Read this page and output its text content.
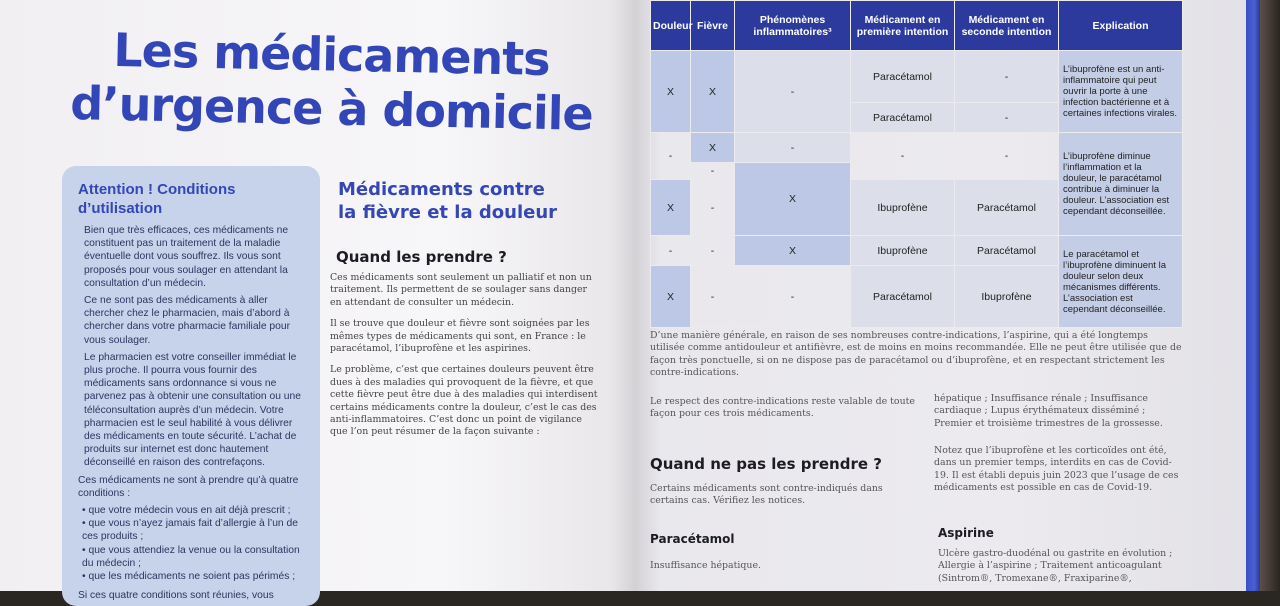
Les médicaments
d’urgence à domicile
Attention ! Conditions d’utilisation

Bien que très efficaces, ces médicaments ne constituent pas un traitement de la maladie éventuelle dont vous souffrez. Ils vous sont proposés pour vous soulager en attendant la consultation d’un médecin.

Ce ne sont pas des médicaments à aller chercher chez le pharmacien, mais d’abord à chercher dans votre pharmacie familiale pour vous soulager.

Le pharmacien est votre conseiller immédiat le plus proche. Il pourra vous fournir des médicaments sans ordonnance si vous ne parvenez pas à obtenir une consultation ou une téléconsultation auprès d’un médecin. Votre pharmacien est le seul habilité à vous délivrer des médicaments en toute sécurité. L’achat de produits sur internet est donc hautement déconseillé en raison des contrefaçons.

Ces médicaments ne sont à prendre qu’à quatre conditions :

• que votre médecin vous en ait déjà prescrit ;
• que vous n’ayez jamais fait d’allergie à l’un de ces produits ;
• que vous attendiez la venue ou la consultation du médecin ;
• que les médicaments ne soient pas périmés ;

Si ces quatre conditions sont réunies, vous

Médicaments contre
la fièvre et la douleur
Quand les prendre ?

Ces médicaments sont seulement un palliatif et non un traitement. Ils permettent de se soulager sans danger en attendant de consulter un médecin.

Il se trouve que douleur et fièvre sont soignées par les mêmes types de médicaments qui sont, en France : le paracétamol, l’ibuprofène et les aspirines.

Le problème, c’est que certaines douleurs peuvent être dues à des maladies qui provoquent de la fièvre, et que cette fièvre peut être due à des maladies qui interdisent certains médicaments contre la douleur, c’est le cas des anti-inflammatoires. C’est donc un point de vigilance que l’on peut résumer de la façon suivante :

Douleur	Fièvre	Phénomènes inflammatoires³	Médicament en première intention	Médicament en seconde intention	Explication
X	X	-	Paracétamol	-	L’ibuprofène est un anti-inflammatoire qui peut ouvrir la porte à une infection bactérienne et à certaines infections virales.
			Paracétamol	-	
-	X	-	-	-	L’ibuprofène diminue l’inflammation et la douleur, le paracétamol contribue à diminuer la douleur. L’association est cependant déconseillée.
	-	X			
X	-		Ibuprofène	Paracétamol	
-	-	X	Ibuprofène	Paracétamol	Le paracétamol et l’ibuprofène diminuent la douleur selon deux mécanismes différents. L’association est cependant déconseillée.
X	-	-	Paracétamol	Ibuprofène	

D’une manière générale, en raison de ses nombreuses contre-indications, l’aspirine, qui a été longtemps utilisée comme antidouleur et antifièvre, est de moins en moins recommandée. Elle ne peut être utilisée que de façon très ponctuelle, si on ne dispose pas de paracétamol ou d’ibuprofène, et en respectant strictement les contre-indications.

Le respect des contre-indications reste valable de toute façon pour ces trois médicaments.

Quand ne pas les prendre ?

Certains médicaments sont contre-indiqués dans certains cas. Vérifiez les notices.

Paracétamol

Insuffisance hépatique.

hépatique ; Insuffisance rénale ; Insuffisance cardiaque ; Lupus érythémateux disséminé ; Premier et troisième trimestres de la grossesse.

Notez que l’ibuprofène et les corticoïdes ont été, dans un premier temps, interdits en cas de Covid-19. Il est établi depuis juin 2023 que l’usage de ces médicaments est possible en cas de Covid-19.

Aspirine

Ulcère gastro-duodénal ou gastrite en évolution ; Allergie à l’aspirine ; Traitement anticoagulant (Sintrom®, Tromexane®, Fraxiparine®,
